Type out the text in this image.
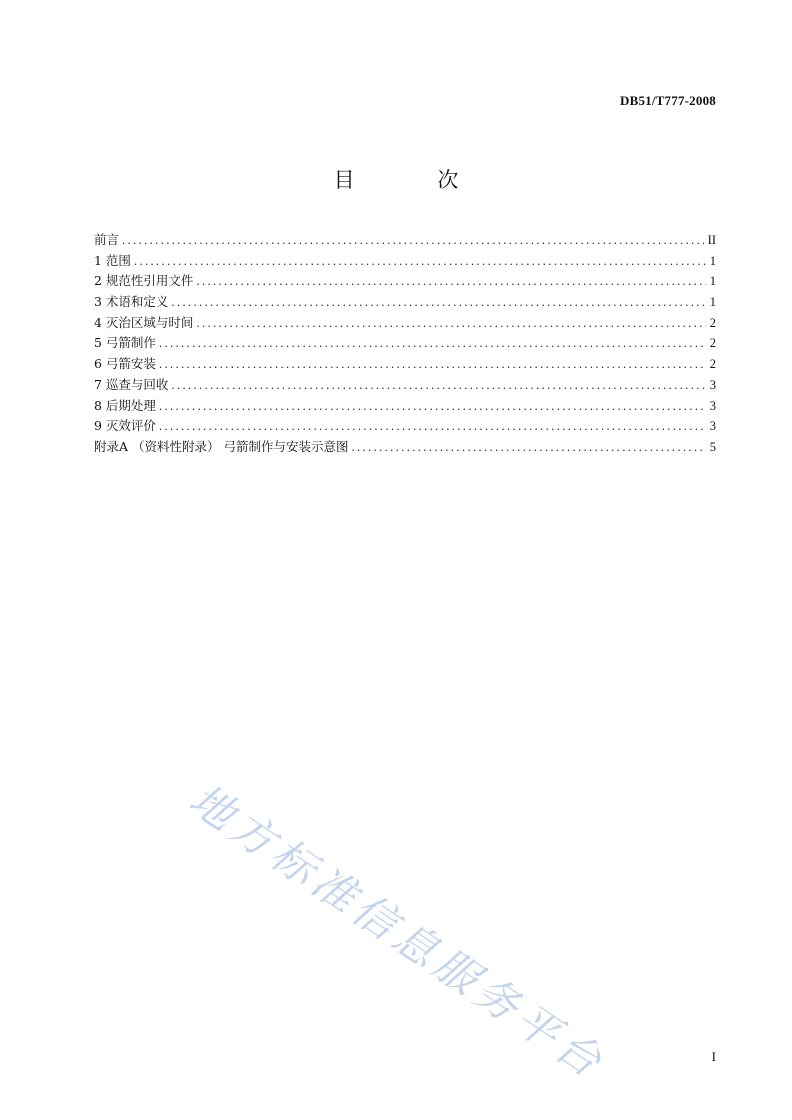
DB51/T777-2008
目 次
前言 .....	II
1 范围 .....	1
2 规范性引用文件 .....	1
3 术语和定义 .....	1
4 灭治区域与时间 .....	2
5 弓箭制作 .....	2
6 弓箭安装 .....	2
7 巡查与回收 .....	3
8 后期处理 .....	3
9 灭效评价 .....	3
附录A （资料性附录） 弓箭制作与安装示意图 .....	5
地方标准信息服务平台	I
